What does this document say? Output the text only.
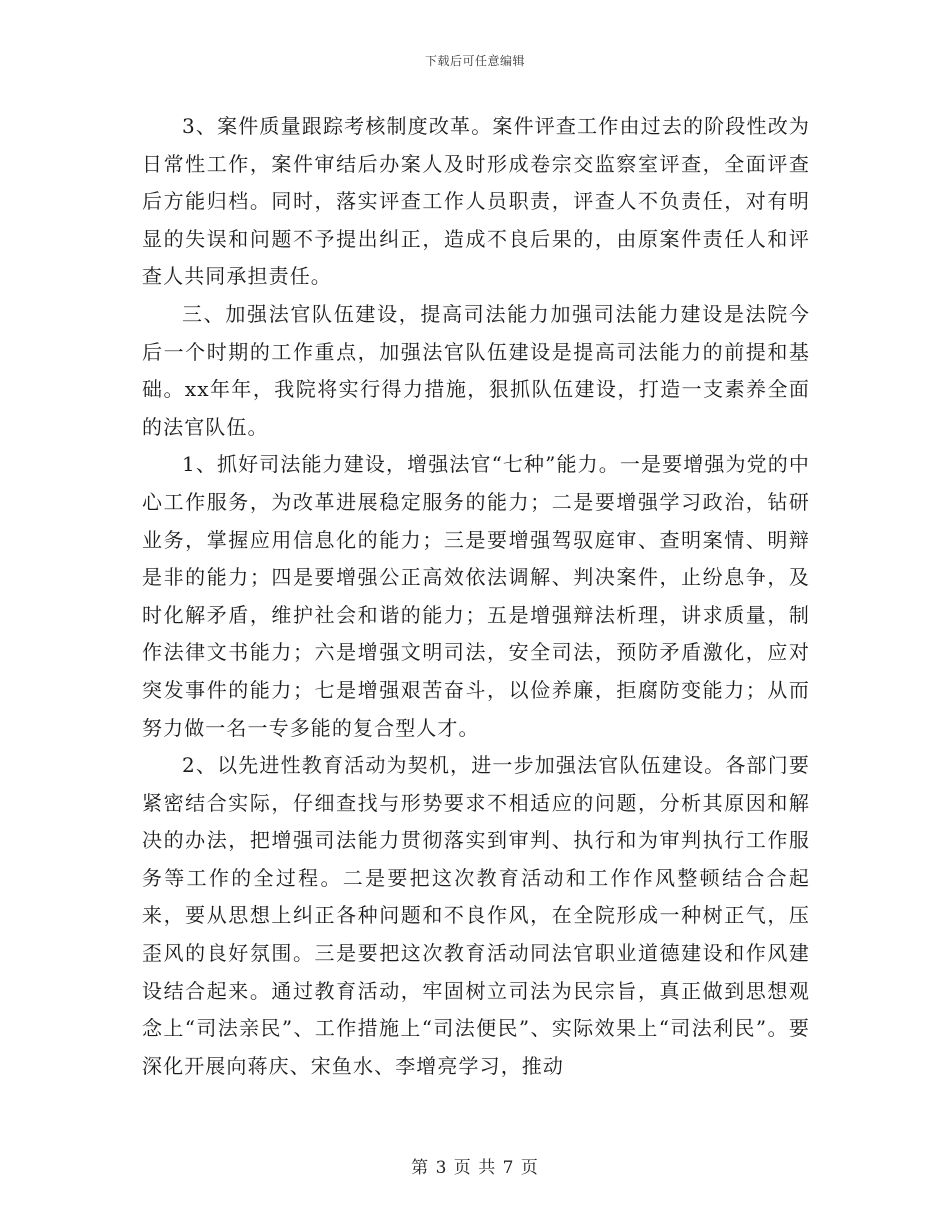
下载后可任意编辑

3、案件质量跟踪考核制度改革。案件评查工作由过去的阶段性改为日常性工作，案件审结后办案人及时形成卷宗交监察室评查，全面评查后方能归档。同时，落实评查工作人员职责，评查人不负责任，对有明显的失误和问题不予提出纠正，造成不良后果的，由原案件责任人和评查人共同承担责任。

三、加强法官队伍建设，提高司法能力加强司法能力建设是法院今后一个时期的工作重点，加强法官队伍建设是提高司法能力的前提和基础。xx年年，我院将实行得力措施，狠抓队伍建设，打造一支素养全面的法官队伍。

1、抓好司法能力建设，增强法官“七种”能力。一是要增强为党的中心工作服务，为改革进展稳定服务的能力；二是要增强学习政治，钻研业务，掌握应用信息化的能力；三是要增强驾驭庭审、查明案情、明辩是非的能力；四是要增强公正高效依法调解、判决案件，止纷息争，及时化解矛盾，维护社会和谐的能力；五是增强辩法析理，讲求质量，制作法律文书能力；六是增强文明司法，安全司法，预防矛盾激化，应对突发事件的能力；七是增强艰苦奋斗，以俭养廉，拒腐防变能力；从而努力做一名一专多能的复合型人才。

2、以先进性教育活动为契机，进一步加强法官队伍建设。各部门要紧密结合实际，仔细查找与形势要求不相适应的问题，分析其原因和解决的办法，把增强司法能力贯彻落实到审判、执行和为审判执行工作服务等工作的全过程。二是要把这次教育活动和工作作风整顿结合合起来，要从思想上纠正各种问题和不良作风，在全院形成一种树正气，压歪风的良好氛围。三是要把这次教育活动同法官职业道德建设和作风建设结合起来。通过教育活动，牢固树立司法为民宗旨，真正做到思想观念上“司法亲民”、工作措施上“司法便民”、实际效果上“司法利民”。要深化开展向蒋庆、宋鱼水、李增亮学习，推动

第 3 页 共 7 页
